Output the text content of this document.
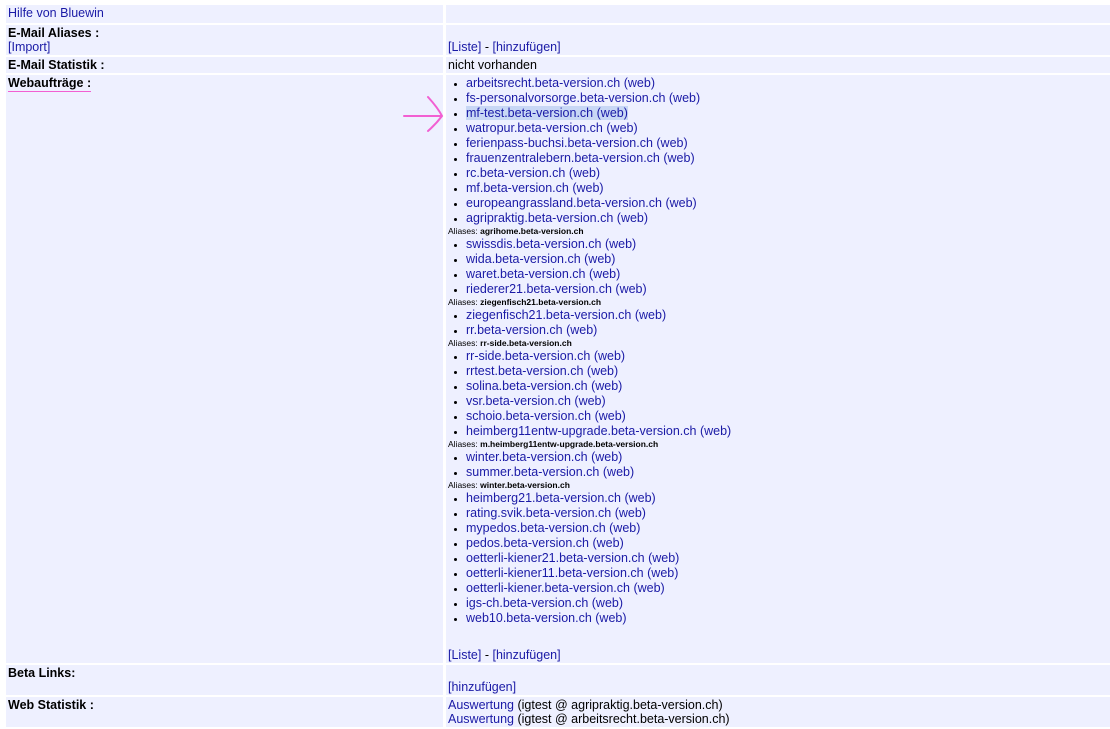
Hilfe von Bluewin
E-Mail Aliases :
[Import]	[Liste] - [hinzufügen]
E-Mail Statistik :	nicht vorhanden
Webaufträge :
•	arbeitsrecht.beta-version.ch (web)
• fs-personalvorsorge.beta-version.ch (web)
• mf-test.beta-version.ch (web)
• watropur.beta-version.ch (web)
• ferienpass-buchsi.beta-version.ch (web)
• frauenzentralebern.beta-version.ch (web)
• rc.beta-version.ch (web)
• mf.beta-version.ch (web)
• europeangrassland.beta-version.ch (web)
• agripraktig.beta-version.ch (web)
Aliases: agrihome.beta-version.ch
• swissdis.beta-version.ch (web)
• wida.beta-version.ch (web)
• waret.beta-version.ch (web)
• riederer21.beta-version.ch (web)
Aliases: ziegenfisch21.beta-version.ch
• ziegenfisch21.beta-version.ch (web)
• rr.beta-version.ch (web)
Aliases: rr-side.beta-version.ch
• rr-side.beta-version.ch (web)
• rrtest.beta-version.ch (web)
• solina.beta-version.ch (web)
• vsr.beta-version.ch (web)
• schoio.beta-version.ch (web)
• heimberg11entw-upgrade.beta-version.ch (web)
Aliases: m.heimberg11entw-upgrade.beta-version.ch
• winter.beta-version.ch (web)
• summer.beta-version.ch (web)
Aliases: winter.beta-version.ch
• heimberg21.beta-version.ch (web)
• rating.svik.beta-version.ch (web)
• mypedos.beta-version.ch (web)
• pedos.beta-version.ch (web)
• oetterli-kiener21.beta-version.ch (web)
• oetterli-kiener11.beta-version.ch (web)
• oetterli-kiener.beta-version.ch (web)
• igs-ch.beta-version.ch (web)
• web10.beta-version.ch (web)
[Liste] - [hinzufügen]
Beta Links:
[hinzufügen]
Web Statistik :	Auswertung (igtest @ agripraktig.beta-version.ch)
Auswertung (igtest @ arbeitsrecht.beta-version.ch)
